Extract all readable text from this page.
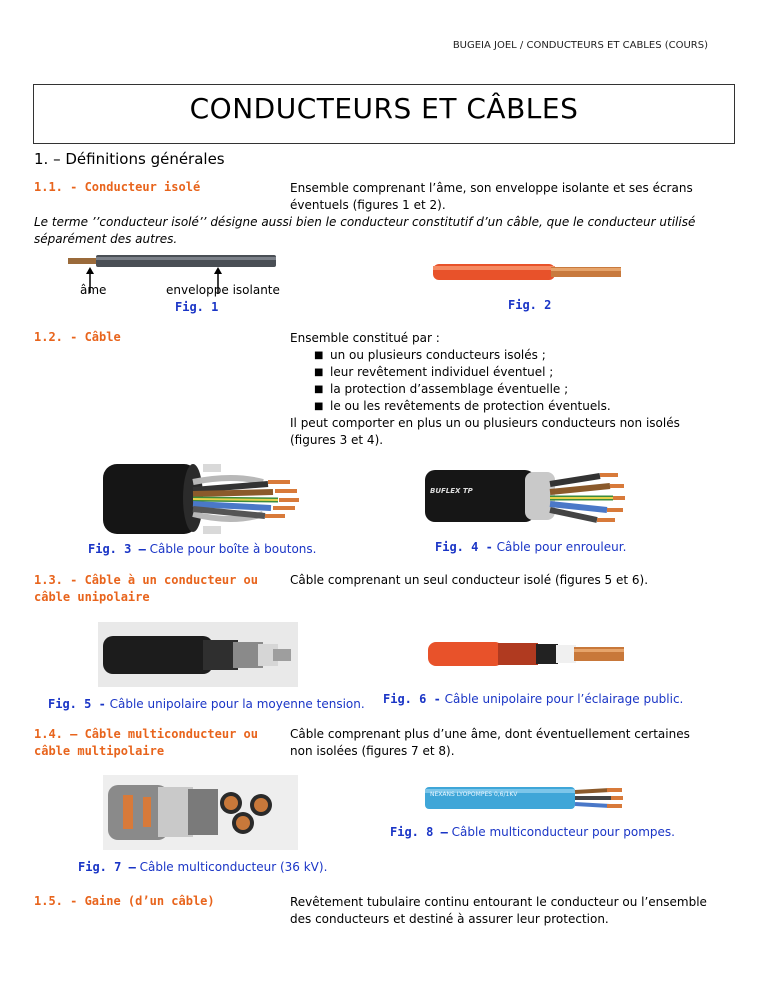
BUGEIA JOEL / CONDUCTEURS ET CABLES (COURS)
CONDUCTEURS ET CÂBLES
1. – Définitions générales
1.1. - Conducteur isolé	Ensemble comprenant l’âme, son enveloppe isolante et ses écrans éventuels (figures 1 et 2).
Le terme ’’conducteur isolé’’ désigne aussi bien le conducteur constitutif d’un câble, que le conducteur utilisé séparément des autres.
âme	enveloppe isolante
Fig. 1	Fig. 2
1.2. - Câble	Ensemble constitué par :
■ un ou plusieurs conducteurs isolés ;
■ leur revêtement individuel éventuel ;
■ la protection d’assemblage éventuelle ;
■ le ou les revêtements de protection éventuels.
Il peut comporter en plus un ou plusieurs conducteurs non isolés (figures 3 et 4).
Fig. 3 – Câble pour boîte à boutons.
BUFLEX TP
Fig. 4 - Câble pour enrouleur.
1.3. - Câble à un conducteur ou câble unipolaire
Câble comprenant un seul conducteur isolé (figures 5 et 6).
Fig. 5 - Câble unipolaire pour la moyenne tension. Fig. 6 - Câble unipolaire pour l’éclairage public.
1.4. – Câble multiconducteur ou câble multipolaire
Câble comprenant plus d’une âme, dont éventuellement certaines non isolées (figures 7 et 8).
Fig. 7 – Câble multiconducteur (36 kV).
NEXANS LYOPOMPES 0,6/1KV
Fig. 8 – Câble multiconducteur pour pompes.
1.5. - Gaine (d’un câble)	Revêtement tubulaire continu entourant le conducteur ou l’ensemble des conducteurs et destiné à assurer leur protection.
